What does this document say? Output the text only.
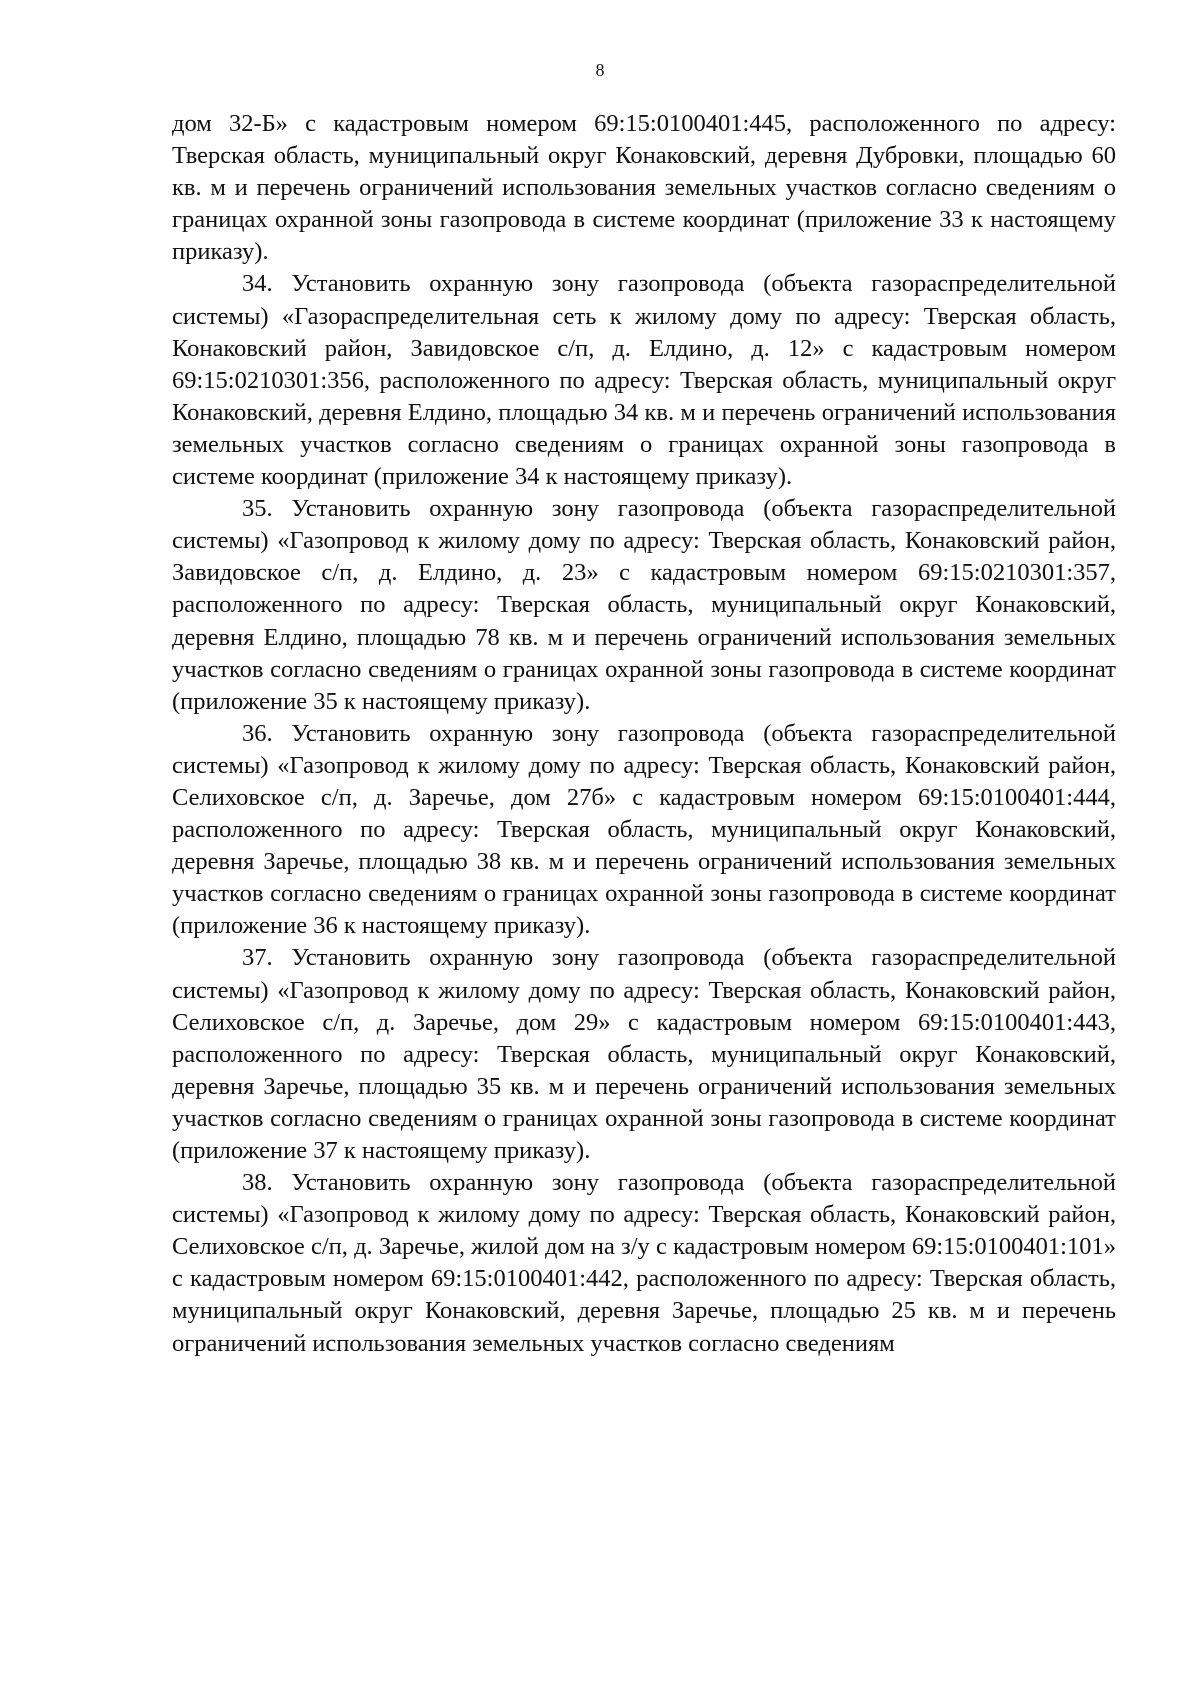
8

дом 32-Б» с кадастровым номером 69:15:0100401:445, расположенного по адресу: Тверская область, муниципальный округ Конаковский, деревня Дубровки, площадью 60 кв. м и перечень ограничений использования земельных участков согласно сведениям о границах охранной зоны газопровода в системе координат (приложение 33 к настоящему приказу).

34. Установить охранную зону газопровода (объекта газораспределительной системы) «Газораспределительная сеть к жилому дому по адресу: Тверская область, Конаковский район, Завидовское с/п, д. Елдино, д. 12» с кадастровым номером 69:15:0210301:356, расположенного по адресу: Тверская область, муниципальный округ Конаковский, деревня Елдино, площадью 34 кв. м и перечень ограничений использования земельных участков согласно сведениям о границах охранной зоны газопровода в системе координат (приложение 34 к настоящему приказу).

35. Установить охранную зону газопровода (объекта газораспределительной системы) «Газопровод к жилому дому по адресу: Тверская область, Конаковский район, Завидовское с/п, д. Елдино, д. 23» с кадастровым номером 69:15:0210301:357, расположенного по адресу: Тверская область, муниципальный округ Конаковский, деревня Елдино, площадью 78 кв. м и перечень ограничений использования земельных участков согласно сведениям о границах охранной зоны газопровода в системе координат (приложение 35 к настоящему приказу).

36. Установить охранную зону газопровода (объекта газораспределительной системы) «Газопровод к жилому дому по адресу: Тверская область, Конаковский район, Селиховское с/п, д. Заречье, дом 27б» с кадастровым номером 69:15:0100401:444, расположенного по адресу: Тверская область, муниципальный округ Конаковский, деревня Заречье, площадью 38 кв. м и перечень ограничений использования земельных участков согласно сведениям о границах охранной зоны газопровода в системе координат (приложение 36 к настоящему приказу).

37. Установить охранную зону газопровода (объекта газораспределительной системы) «Газопровод к жилому дому по адресу: Тверская область, Конаковский район, Селиховское с/п, д. Заречье, дом 29» с кадастровым номером 69:15:0100401:443, расположенного по адресу: Тверская область, муниципальный округ Конаковский, деревня Заречье, площадью 35 кв. м и перечень ограничений использования земельных участков согласно сведениям о границах охранной зоны газопровода в системе координат (приложение 37 к настоящему приказу).

38. Установить охранную зону газопровода (объекта газораспределительной системы) «Газопровод к жилому дому по адресу: Тверская область, Конаковский район, Селиховское с/п, д. Заречье, жилой дом на з/у с кадастровым номером 69:15:0100401:101» с кадастровым номером 69:15:0100401:442, расположенного по адресу: Тверская область, муниципальный округ Конаковский, деревня Заречье, площадью 25 кв. м и перечень ограничений использования земельных участков согласно сведениям
